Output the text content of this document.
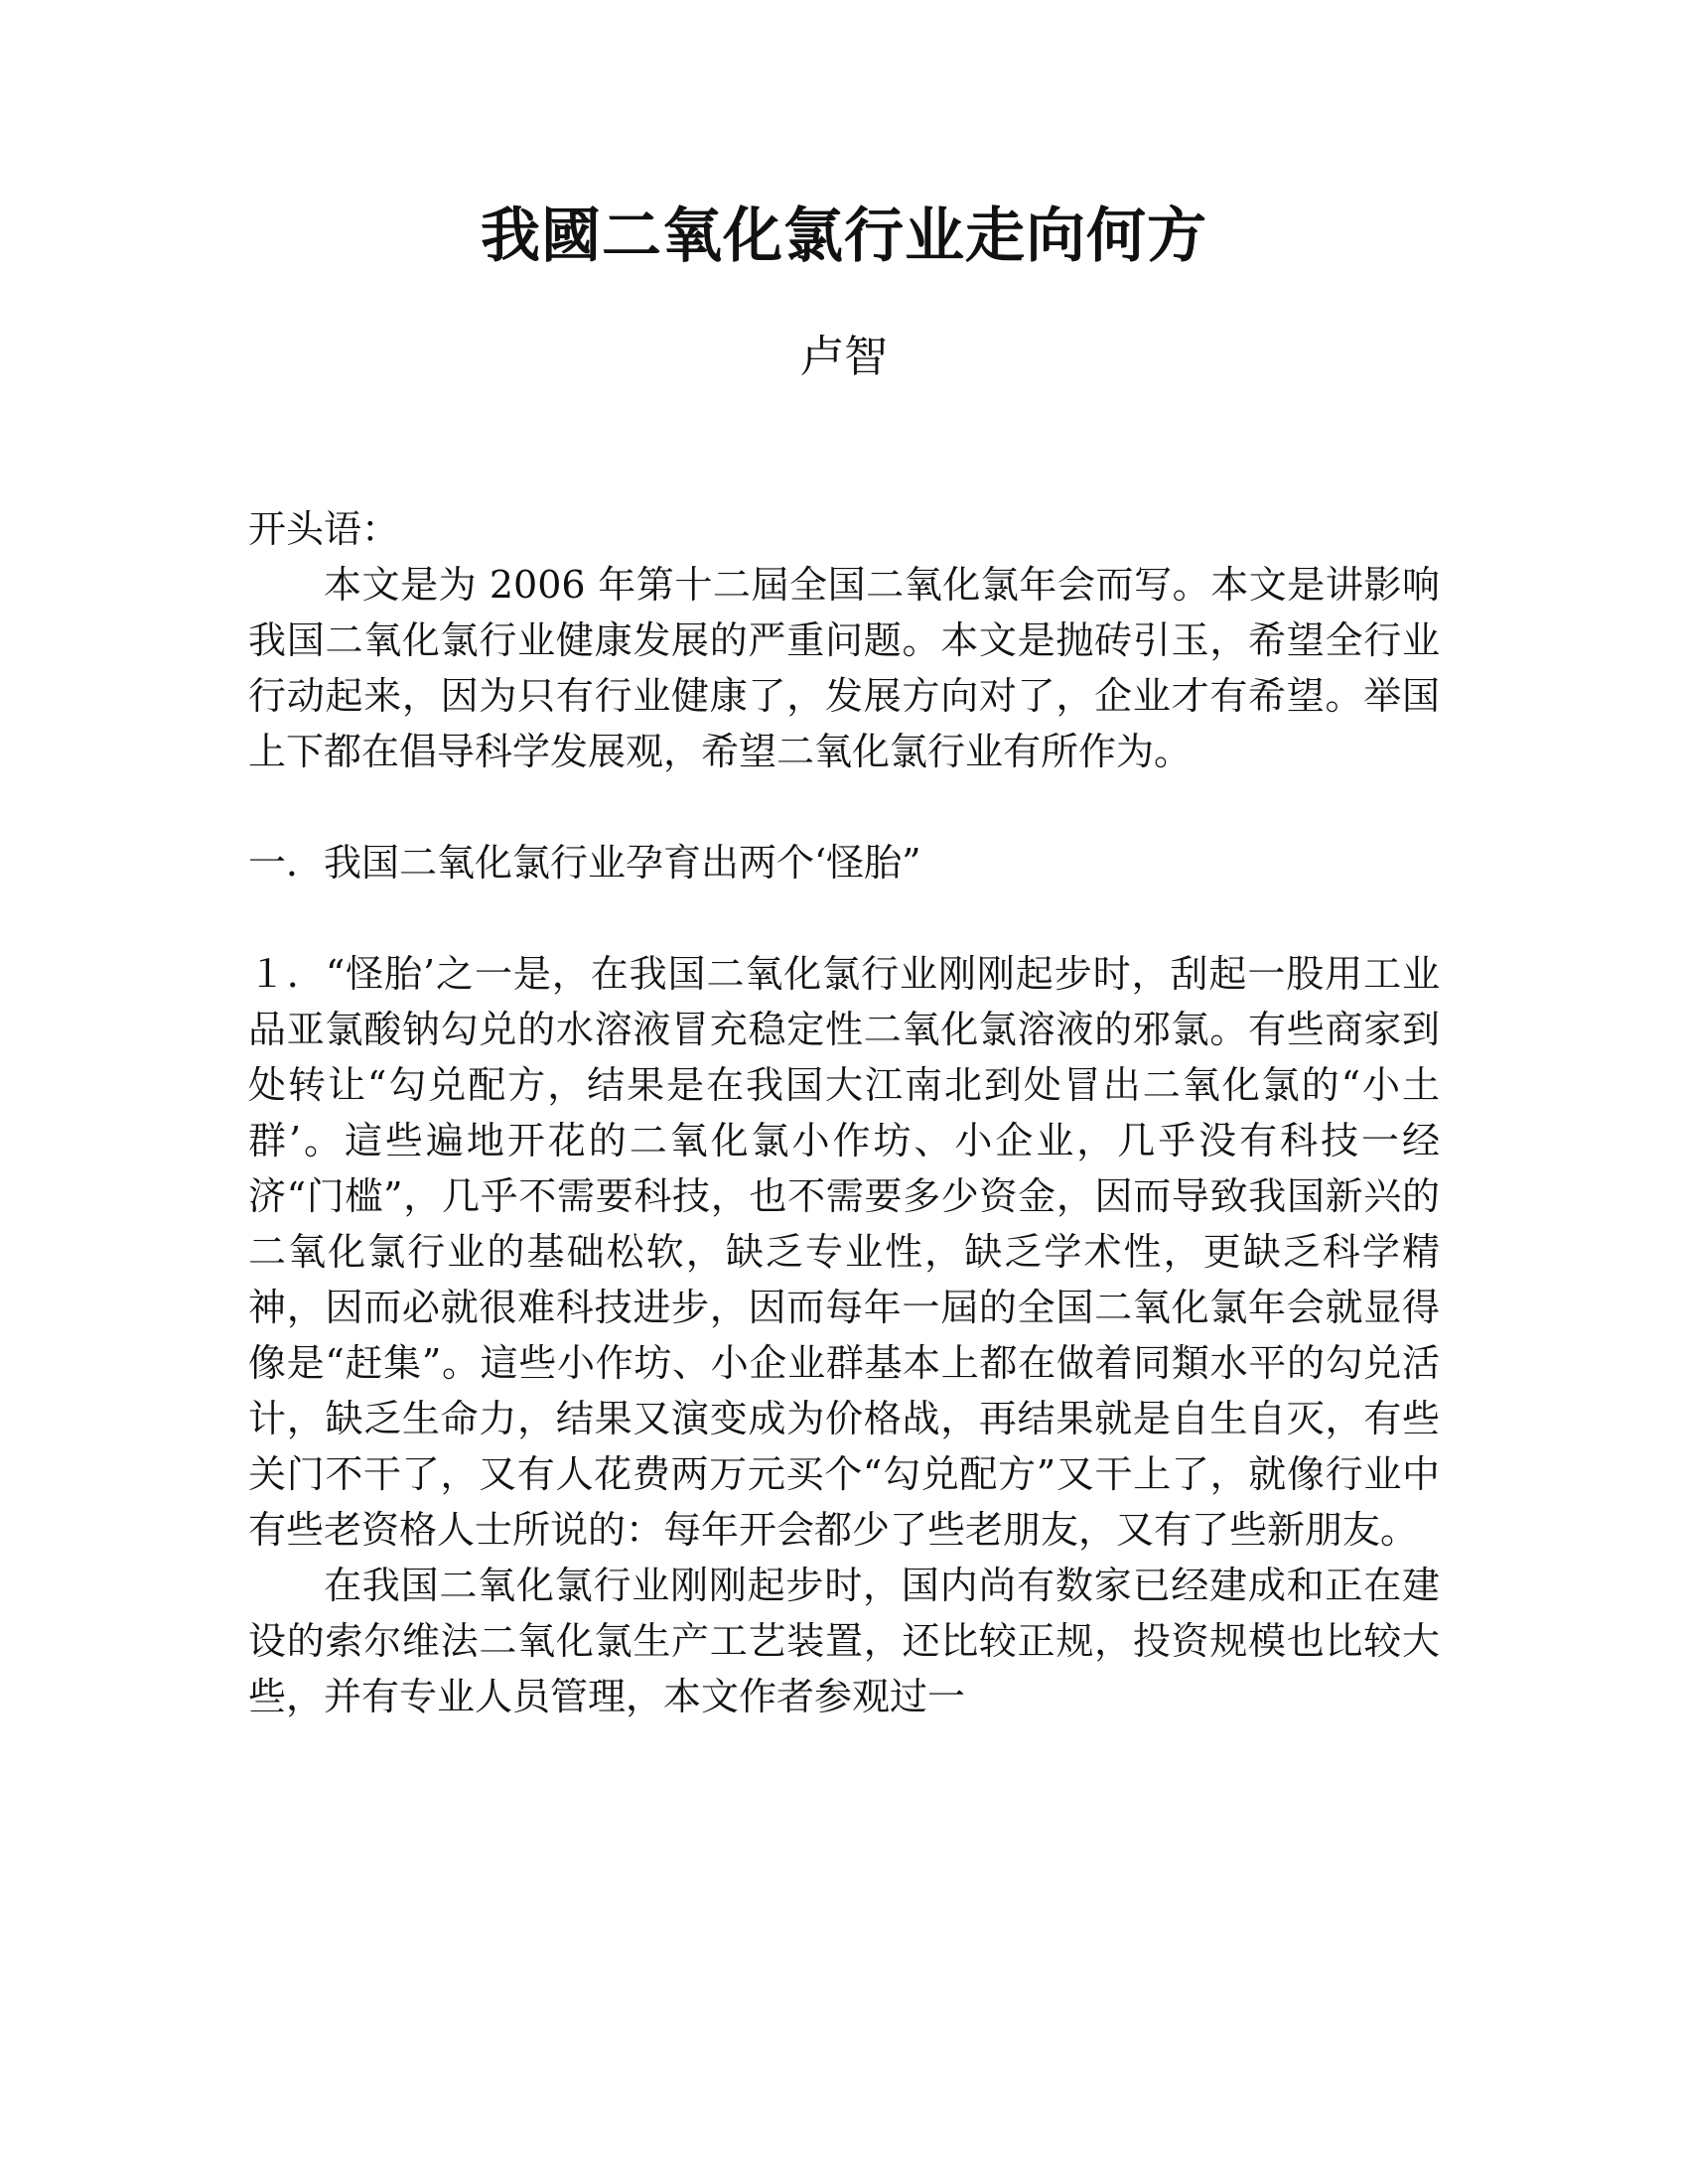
我國二氧化氯行业走向何方
卢智

开头语：

本文是为 2006 年第十二屆全国二氧化氯年会而写。本文是讲影响我国二氧化氯行业健康发展的严重问题。本文是抛砖引玉，希望全行业行动起来，因为只有行业健康了，发展方向对了，企业才有希望。举国上下都在倡导科学发展观，希望二氧化氯行业有所作为。

一．我国二氧化氯行业孕育出两个‘怪胎”

１．“怪胎’之一是，在我国二氧化氯行业刚刚起步时，刮起一股用工业品亚氯酸钠勾兑的水溶液冒充稳定性二氧化氯溶液的邪氯。有些商家到处转让“勾兑配方，结果是在我国大江南北到处冒出二氧化氯的“小土群’。這些遍地开花的二氧化氯小作坊、小企业，几乎没有科技一经济“门槛”，几乎不需要科技，也不需要多少资金，因而导致我国新兴的二氧化氯行业的基础松软，缺乏专业性，缺乏学术性，更缺乏科学精神，因而必就很难科技进步，因而每年一屆的全国二氧化氯年会就显得像是“赶集”。這些小作坊、小企业群基本上都在做着同類水平的勾兑活计，缺乏生命力，结果又演变成为价格战，再结果就是自生自灭，有些关门不干了，又有人花费两万元买个“勾兑配方”又干上了，就像行业中有些老资格人士所说的：每年开会都少了些老朋友，又有了些新朋友。

在我国二氧化氯行业刚刚起步时，国内尚有数家已经建成和正在建设的索尔维法二氧化氯生产工艺装置，还比较正规，投资规模也比较大些，并有专业人员管理，本文作者参观过一
